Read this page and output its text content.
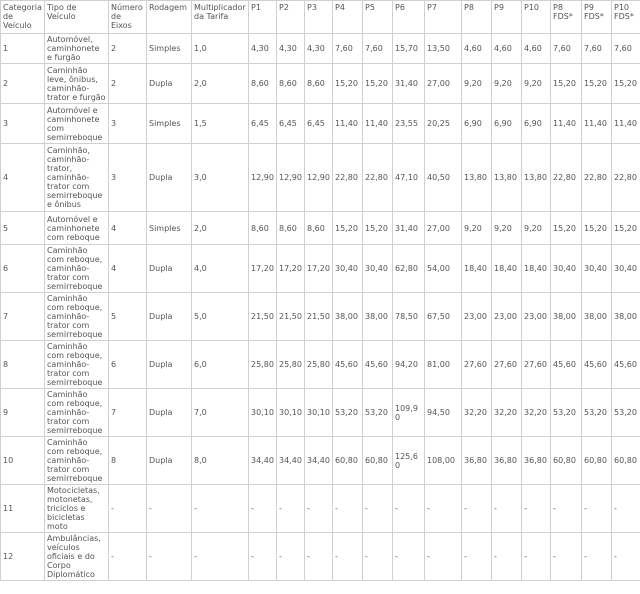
Categoria de Veículo	Tipo de Veículo	Número de Eixos	Rodagem	Multiplicador da Tarifa	P1	P2	P3	P4	P5	P6	P7	P8	P9	P10	P8 FDS*	P9 FDS*	P10 FDS*
1	Automóvel, caminhonete e furgão	2	Simples	1,0	4,30	4,30	4,30	7,60	7,60	15,70	13,50	4,60	4,60	4,60	7,60	7,60	7,60
2	Caminhão leve, ônibus, caminhão-trator e furgão	2	Dupla	2,0	8,60	8,60	8,60	15,20	15,20	31,40	27,00	9,20	9,20	9,20	15,20	15,20	15,20
3	Automóvel e caminhonete com semirreboque	3	Simples	1,5	6,45	6,45	6,45	11,40	11,40	23,55	20,25	6,90	6,90	6,90	11,40	11,40	11,40
4	Caminhão, caminhão-trator, caminhão-trator com semirreboque e ônibus	3	Dupla	3,0	12,90	12,90	12,90	22,80	22,80	47,10	40,50	13,80	13,80	13,80	22,80	22,80	22,80
5	Automóvel e caminhonete com reboque	4	Simples	2,0	8,60	8,60	8,60	15,20	15,20	31,40	27,00	9,20	9,20	9,20	15,20	15,20	15,20
6	Caminhão com reboque, caminhão-trator com semirreboque	4	Dupla	4,0	17,20	17,20	17,20	30,40	30,40	62,80	54,00	18,40	18,40	18,40	30,40	30,40	30,40
7	Caminhão com reboque, caminhão-trator com semirreboque	5	Dupla	5,0	21,50	21,50	21,50	38,00	38,00	78,50	67,50	23,00	23,00	23,00	38,00	38,00	38,00
8	Caminhão com reboque, caminhão-trator com semirreboque	6	Dupla	6,0	25,80	25,80	25,80	45,60	45,60	94,20	81,00	27,60	27,60	27,60	45,60	45,60	45,60
9	Caminhão com reboque, caminhão-trator com semirreboque	7	Dupla	7,0	30,10	30,10	30,10	53,20	53,20	109,90	94,50	32,20	32,20	32,20	53,20	53,20	53,20
10	Caminhão com reboque, caminhão-trator com semirreboque	8	Dupla	8,0	34,40	34,40	34,40	60,80	60,80	125,60	108,00	36,80	36,80	36,80	60,80	60,80	60,80
11	Motocicletas, motonetas, triciclos e bicicletas moto	-	-	-	-	-	-	-	-	-	-	-	-	-	-	-	-
12	Ambulâncias, veículos oficiais e do Corpo Diplomático	-	-	-	-	-	-	-	-	-	-	-	-	-	-	-	-
